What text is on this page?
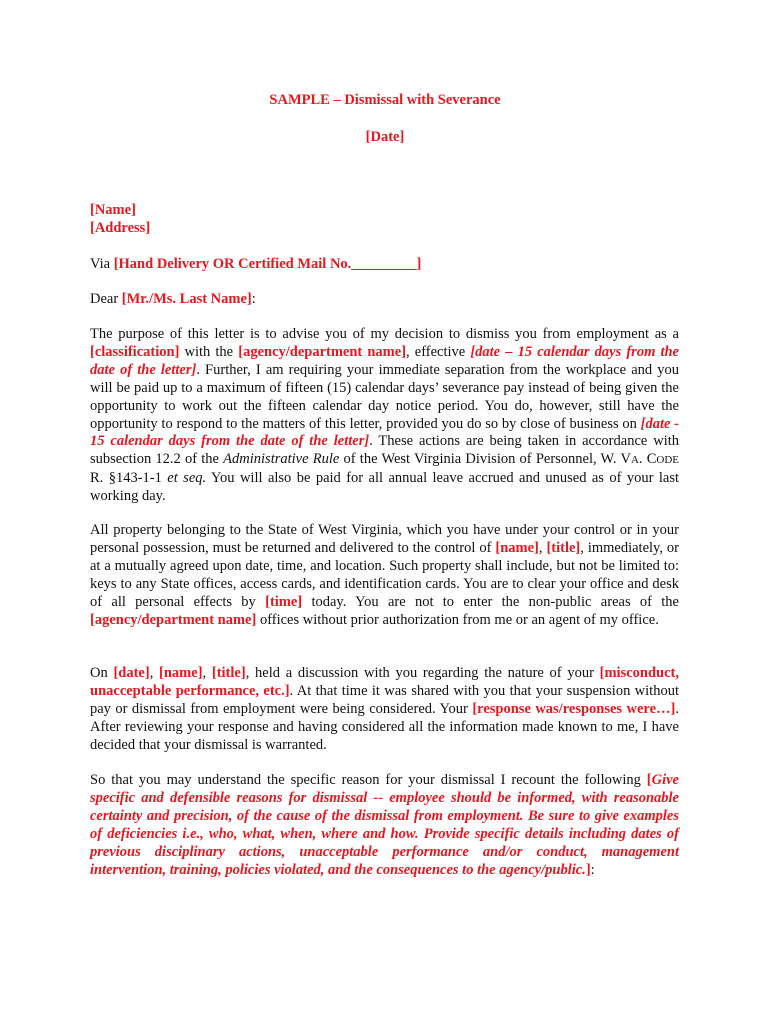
SAMPLE – Dismissal with Severance
[Date]
[Name]
[Address]
Via [Hand Delivery OR Certified Mail No._________]
Dear [Mr./Ms. Last Name]:
The purpose of this letter is to advise you of my decision to dismiss you from employment as a [classification] with the [agency/department name], effective [date – 15 calendar days from the date of the letter]. Further, I am requiring your immediate separation from the workplace and you will be paid up to a maximum of fifteen (15) calendar days’ severance pay instead of being given the opportunity to work out the fifteen calendar day notice period. You do, however, still have the opportunity to respond to the matters of this letter, provided you do so by close of business on [date - 15 calendar days from the date of the letter]. These actions are being taken in accordance with subsection 12.2 of the Administrative Rule of the West Virginia Division of Personnel, W. VA. CODE R. §143-1-1 et seq. You will also be paid for all annual leave accrued and unused as of your last working day.
All property belonging to the State of West Virginia, which you have under your control or in your personal possession, must be returned and delivered to the control of [name], [title], immediately, or at a mutually agreed upon date, time, and location. Such property shall include, but not be limited to: keys to any State offices, access cards, and identification cards. You are to clear your office and desk of all personal effects by [time] today. You are not to enter the non-public areas of the [agency/department name] offices without prior authorization from me or an agent of my office.
On [date], [name], [title], held a discussion with you regarding the nature of your [misconduct, unacceptable performance, etc.]. At that time it was shared with you that your suspension without pay or dismissal from employment were being considered. Your [response was/responses were…]. After reviewing your response and having considered all the information made known to me, I have decided that your dismissal is warranted.
So that you may understand the specific reason for your dismissal I recount the following [Give specific and defensible reasons for dismissal -- employee should be informed, with reasonable certainty and precision, of the cause of the dismissal from employment. Be sure to give examples of deficiencies i.e., who, what, when, where and how. Provide specific details including dates of previous disciplinary actions, unacceptable performance and/or conduct, management intervention, training, policies violated, and the consequences to the agency/public.]:
